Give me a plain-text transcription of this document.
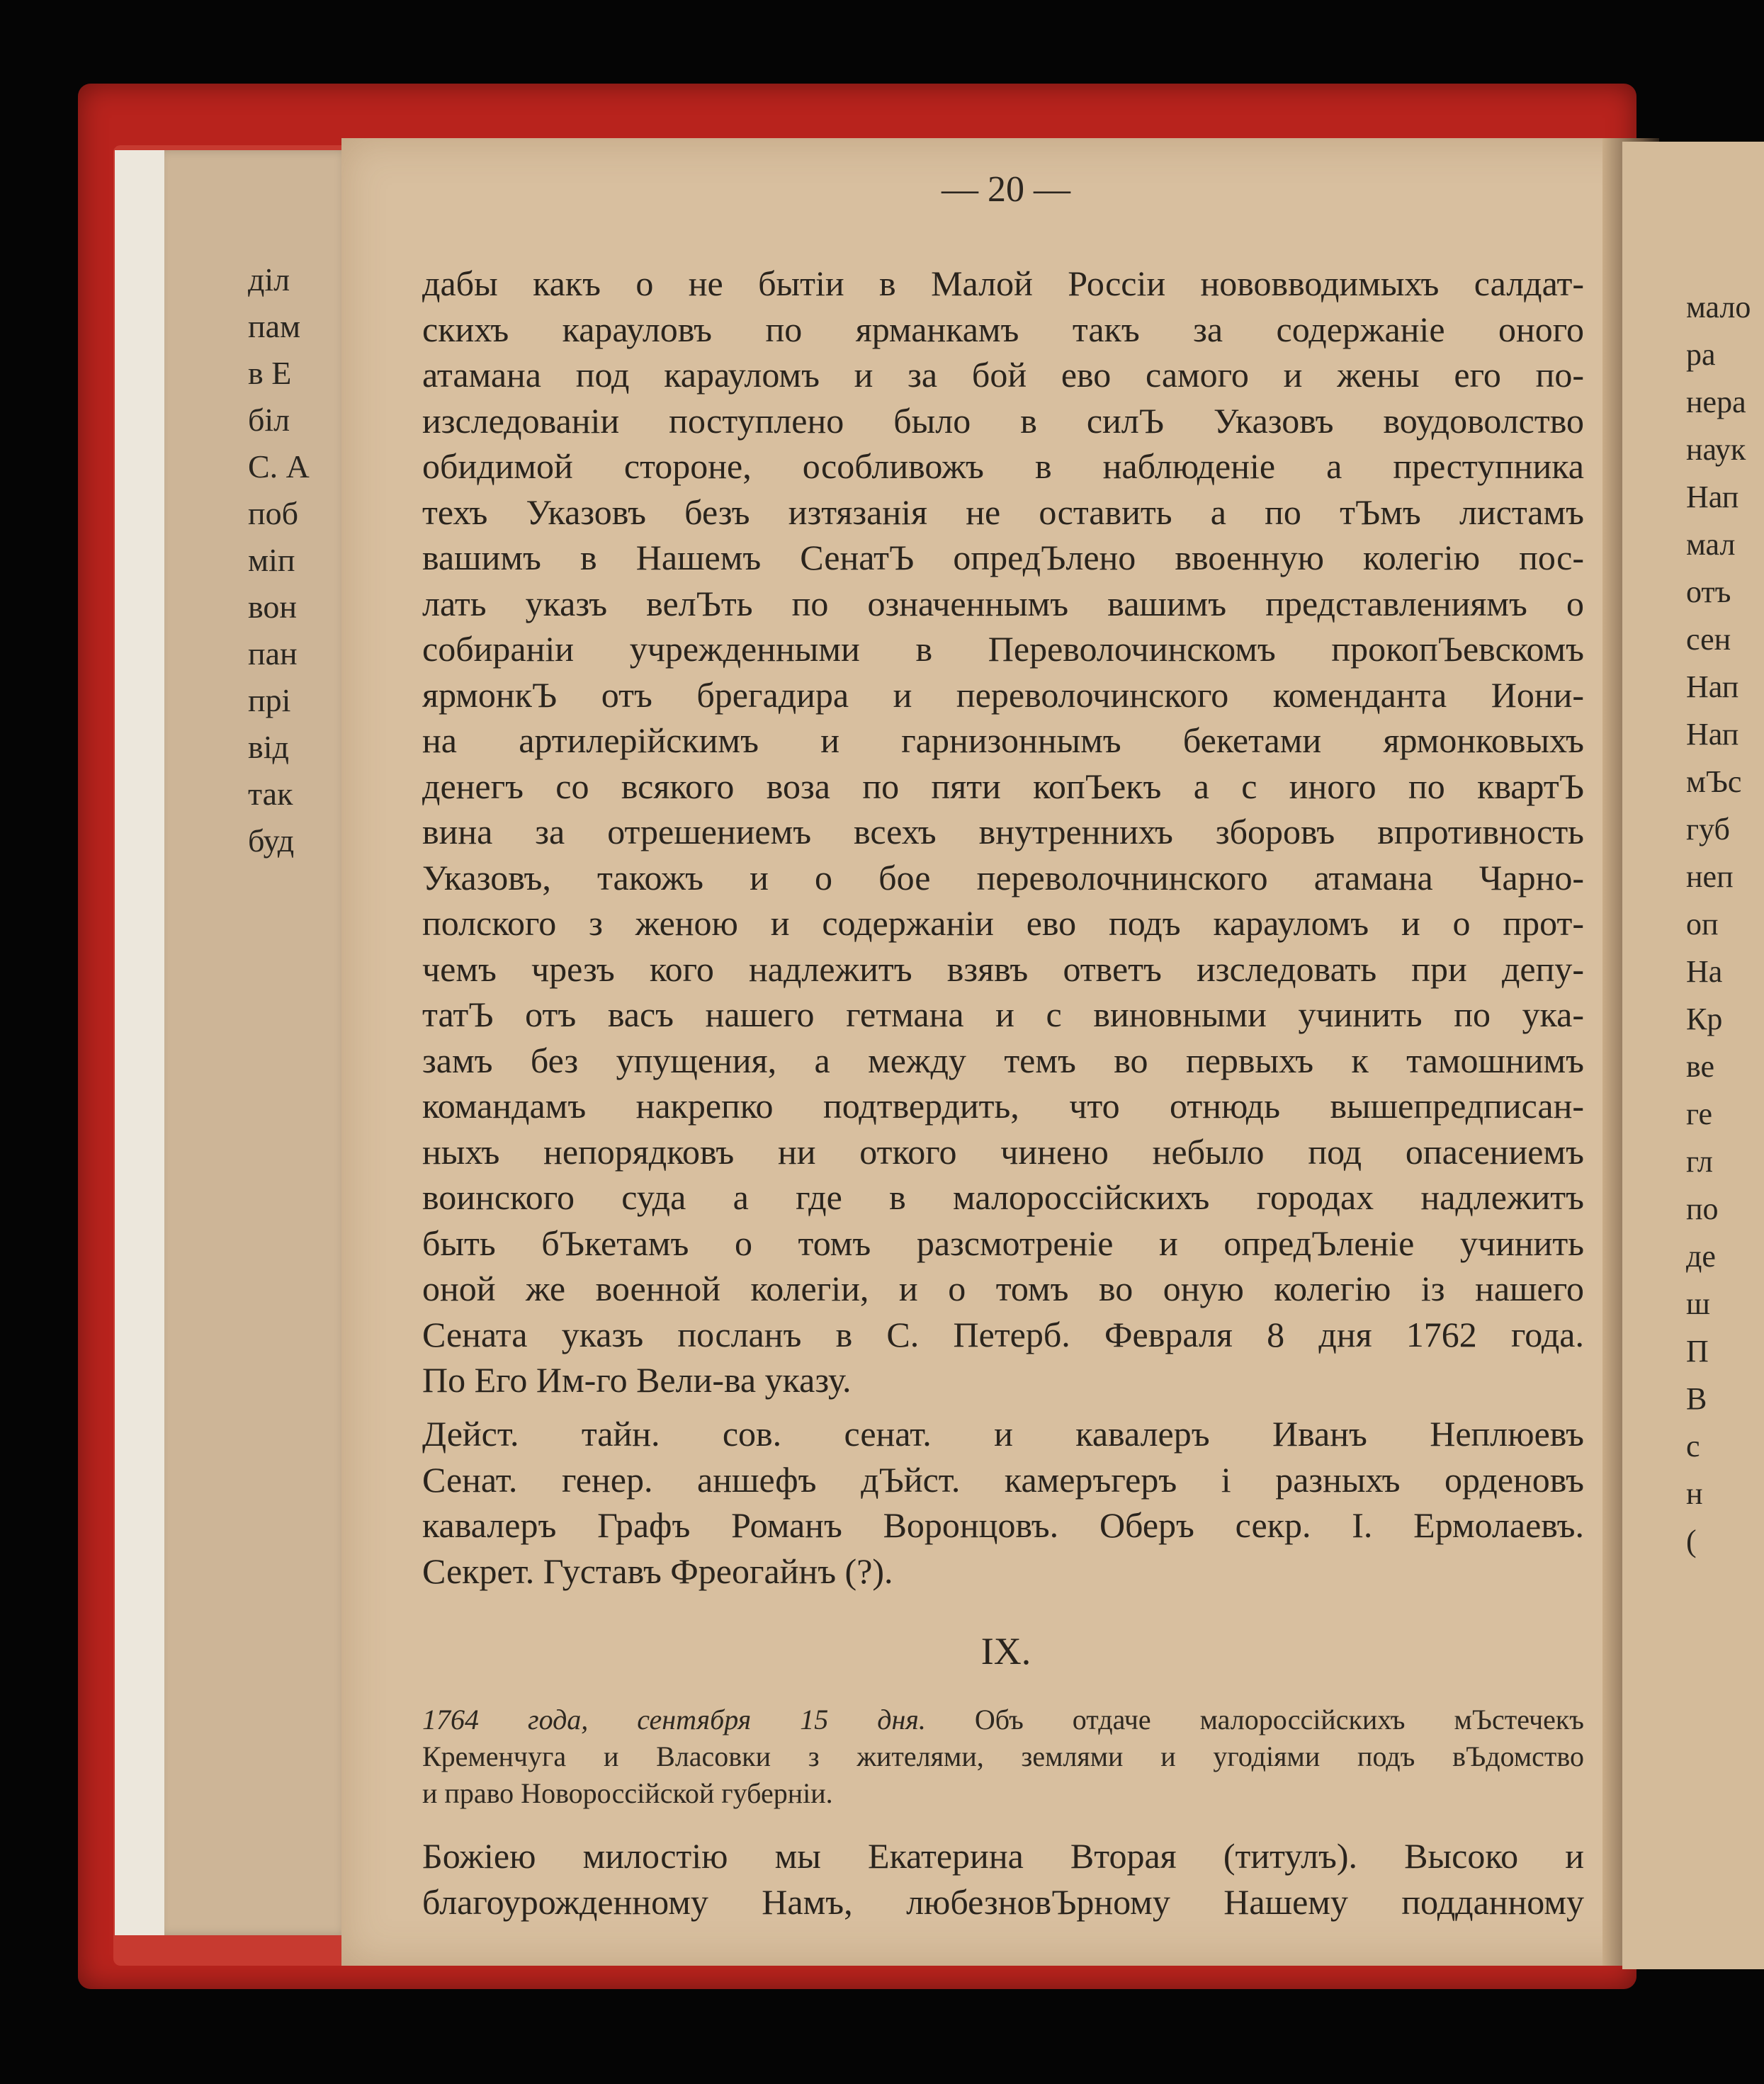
діл
пам
в Е
біл
С. А
поб
міп
вон
пан
прі
від
так
буд
мало
ра
нера
наук
Нап
мал
отъ
сен
Нап
Нап
мЪс
губ
неп
оп
На
Кр
ве
ге
гл
по
де
ш
П
В
с
н
(
— 20 —
дабы какъ о не бытіи в Малой Россіи нововводимыхъ салдат-
скихъ карауловъ по ярманкамъ такъ за содержаніе оного
атамана под карауломъ и за бой ево самого и жены его по-
изследованіи поступлено было в силЪ Указовъ воудоволство
обидимой стороне, особливожъ в наблюденіе а преступника
техъ Указовъ безъ изтязанія не оставить а по тЪмъ листамъ
вашимъ в Нашемъ СенатЪ опредЪлено ввоенную колегію пос-
лать указъ велЪть по означеннымъ вашимъ представлениямъ о
собираніи учрежденными в Переволочинскомъ прокопЪевскомъ
ярмонкЪ отъ брегадира и переволочинского коменданта Иони-
на артилерійскимъ и гарнизоннымъ бекетами ярмонковыхъ
денегъ со всякого воза по пяти копЪекъ а с иного по квартЪ
вина за отрешениемъ всехъ внутреннихъ зборовъ впротивность
Указовъ, такожъ и о бое переволочнинского атамана Чарно-
полского з женою и содержаніи ево подъ карауломъ и о прот-
чемъ чрезъ кого надлежитъ взявъ ответъ изследовать при депу-
татЪ отъ васъ нашего гетмана и с виновными учинить по ука-
замъ без упущения, а между темъ во первыхъ к тамошнимъ
командамъ накрепко подтвердить, что отнюдь вышепредписан-
ныхъ непорядковъ ни откого чинено небыло под опасениемъ
воинского суда а где в малороссійскихъ городах надлежитъ
быть бЪкетамъ о томъ разсмотреніе и опредЪленіе учинить
оной же военной колегіи, и о томъ во оную колегію із нашего
Сената указъ посланъ в С. Петерб. Февраля 8 дня 1762 года.
По Его Им-го Вели-ва указу.
Дейст. тайн. сов. сенат. и кавалеръ Иванъ Неплюевъ
Сенат. генер. аншефъ дЪйст. камеръгеръ і разныхъ орденовъ
кавалеръ Графъ Романъ Воронцовъ. Оберъ секр. І. Ермолаевъ.
Секрет. Густавъ Фреогайнъ (?).
IX.
1764 года, сентября 15 дня. Объ отдаче малороссійскихъ мЪстечекъ
Кременчуга и Власовки з жителями, землями и угодіями подъ вЪдомство
и право Новороссійской губерніи.
Божіею милостію мы Екатерина Вторая (титулъ). Высоко и
благоурожденному Намъ, любезновЪрному Нашему подданному
